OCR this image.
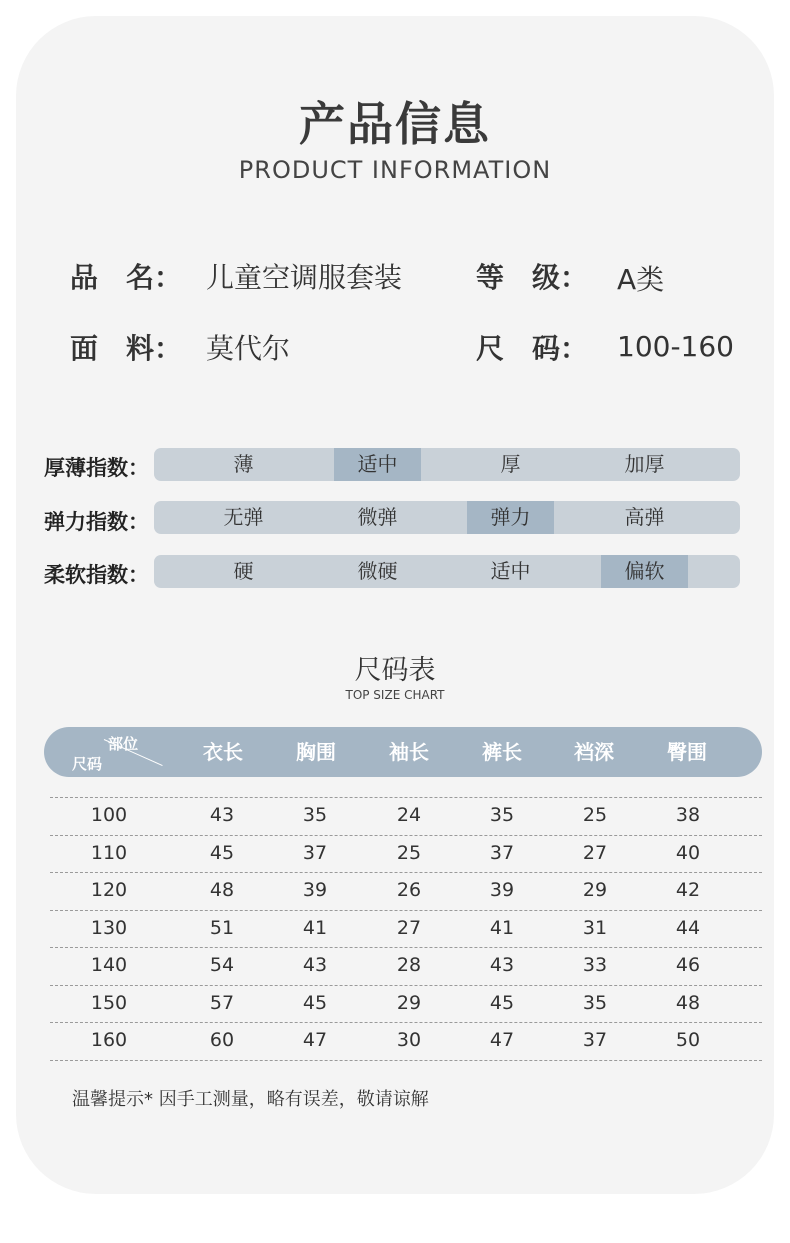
产品信息
PRODUCT INFORMATION
品　名： 儿童空调服套装	等　级： A类
面　料： 莫代尔	尺　码： 100-160
厚薄指数：	薄	适中	厚	加厚
弹力指数：	无弹	微弹	弹力	高弹
柔软指数：	硬	微硬	适中	偏软
尺码表
TOP SIZE CHART
部位
尺码	衣长	胸围	袖长	裤长	裆深	臀围
100	43	35	24	35	25	38
110	45	37	25	37	27	40
120	48	39	26	39	29	42
130	51	41	27	41	31	44
140	54	43	28	43	33	46
150	57	45	29	45	35	48
160	60	47	30	47	37	50
温馨提示* 因手工测量，略有误差，敬请谅解
